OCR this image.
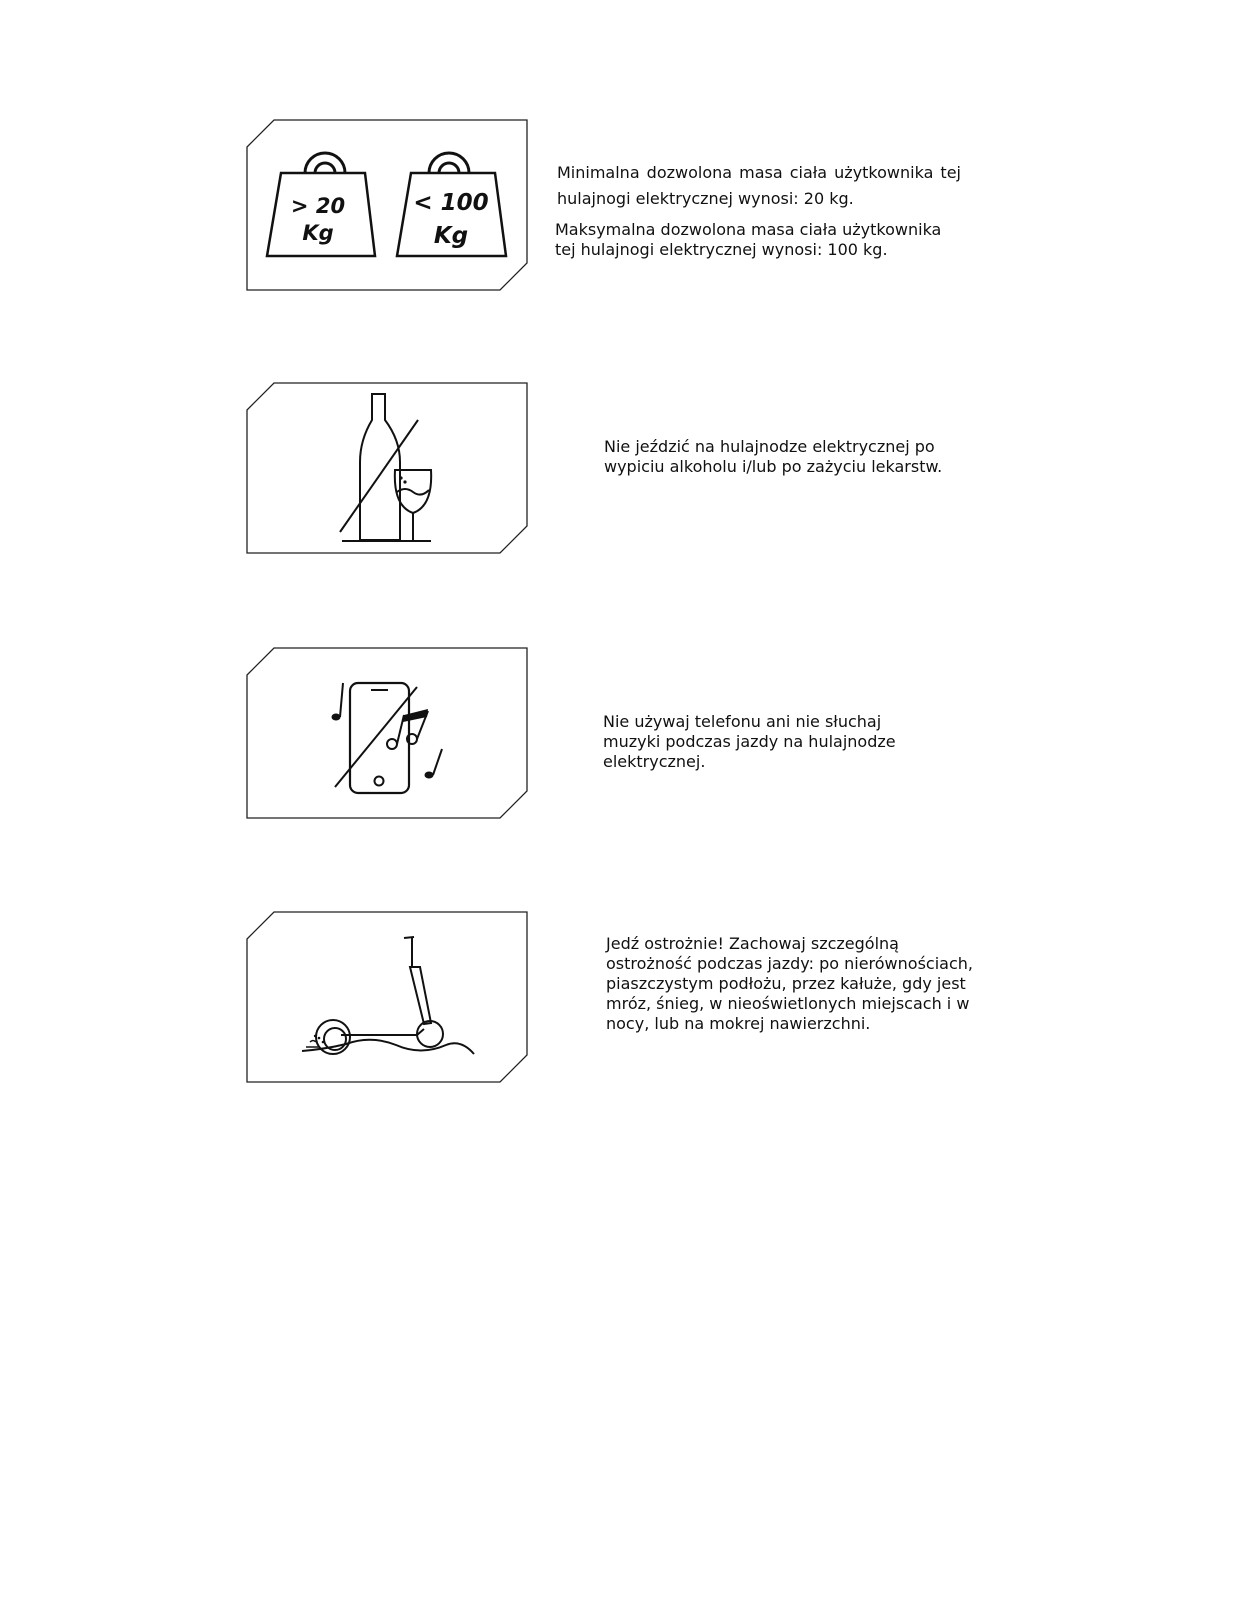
> 20
Kg
< 100
Kg

Minimalna dozwolona masa ciała użytkownika tej hulajnogi elektrycznej wynosi: 20 kg.

Maksymalna dozwolona masa ciała użytkownika tej hulajnogi elektrycznej wynosi: 100 kg.

Nie jeździć na hulajnodze elektrycznej po wypiciu alkoholu i/lub po zażyciu lekarstw.

Nie używaj telefonu ani nie słuchaj muzyki podczas jazdy na hulajnodze elektrycznej.

Jedź ostrożnie! Zachowaj szczególną ostrożność podczas jazdy: po nierównościach, piaszczystym podłożu, przez kałuże, gdy jest mróz, śnieg, w nieoświetlonych miejscach i w nocy, lub na mokrej nawierzchni.
